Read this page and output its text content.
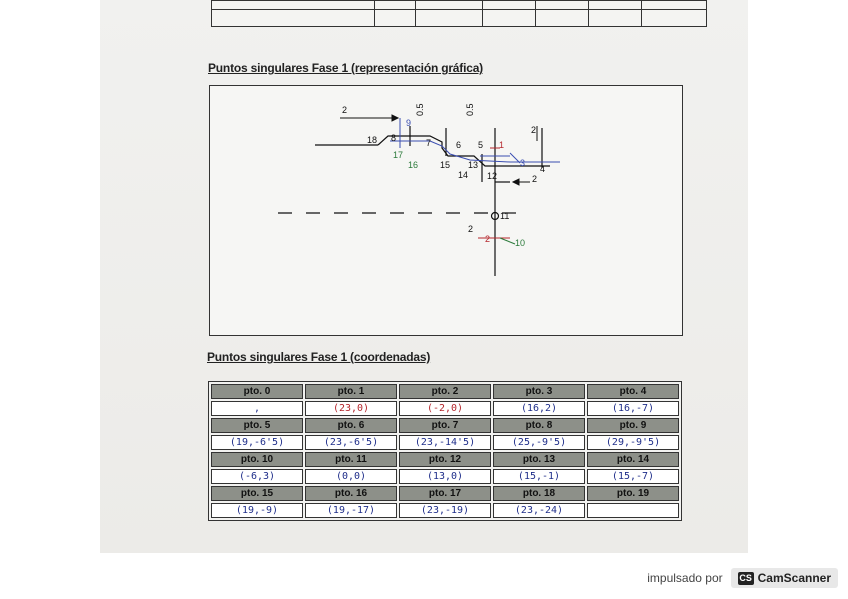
Puntos singulares Fase 1 (representación gráfica)
2	0.5	0.5
9
18 8	7	6 5 1
2
3
4
17
16 15 13
14 12	2
11
2
2	10
Puntos singulares Fase 1 (coordenadas)
pto. 0	pto. 1	pto. 2	pto. 3	pto. 4
,	(23,0)	(-2,0)	(16,2)	(16,-7)
pto. 5	pto. 6	pto. 7	pto. 8	pto. 9
(19,-6'5)	(23,-6'5)	(23,-14'5)	(25,-9'5)	(29,-9'5)
pto. 10	pto. 11	pto. 12	pto. 13	pto. 14
(-6,3)	(0,0)	(13,0)	(15,-1)	(15,-7)
pto. 15	pto. 16	pto. 17	pto. 18	pto. 19
(19,-9)	(19,-17)	(23,-19)	(23,-24)	
impulsado por CS CamScanner
